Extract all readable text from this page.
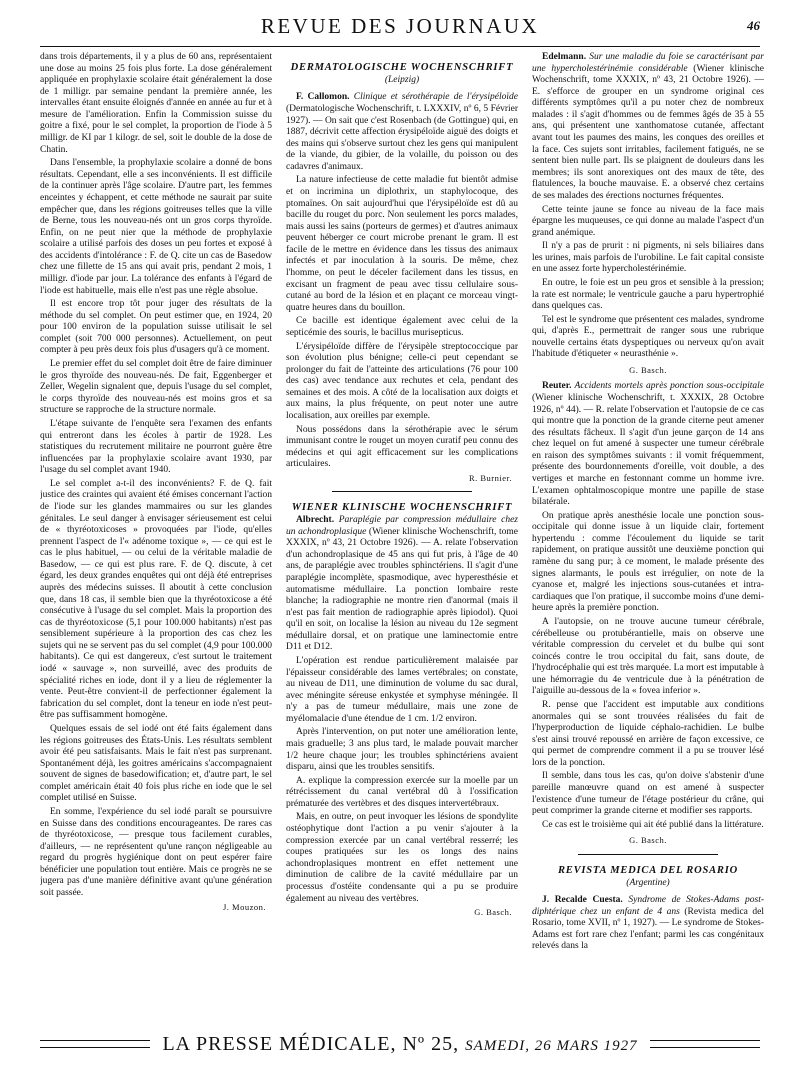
REVUE DES JOURNAUX	46

dans trois départements, il y a plus de 60 ans, représentaient une dose au moins 25 fois plus forte. La dose généralement appliquée en prophylaxie scolaire était généralement la dose de 1 milligr. par semaine pendant la première année, les intervalles étant ensuite éloignés d'année en année au fur et à mesure de l'amélioration. Enfin la Commission suisse du goitre a fixé, pour le sel complet, la proportion de l'iode à 5 milligr. de KI par 1 kilogr. de sel, soit le double de la dose de Chatin.

Dans l'ensemble, la prophylaxie scolaire a donné de bons résultats. Cependant, elle a ses inconvénients. Il est difficile de la continuer après l'âge scolaire. D'autre part, les femmes enceintes y échappent, et cette méthode ne saurait par suite empêcher que, dans les régions goitreuses telles que la ville de Berne, tous les nouveau-nés ont un gros corps thyroïde. Enfin, on ne peut nier que la méthode de prophylaxie scolaire a utilisé parfois des doses un peu fortes et exposé à des accidents d'intolérance : F. de Q. cite un cas de Basedow chez une fillette de 15 ans qui avait pris, pendant 2 mois, 1 milligr. d'iode par jour. La tolérance des enfants à l'égard de l'iode est habituelle, mais elle n'est pas une règle absolue.

Il est encore trop tôt pour juger des résultats de la méthode du sel complet. On peut estimer que, en 1924, 20 pour 100 environ de la population suisse utilisait le sel complet (soit 700 000 personnes). Actuellement, on peut compter à peu près deux fois plus d'usagers qu'à ce moment.

Le premier effet du sel complet doit être de faire diminuer le gros thyroïde des nouveau-nés. De fait, Eggenberger et Zeller, Wegelin signalent que, depuis l'usage du sel complet, le corps thyroïde des nouveau-nés est moins gros et sa structure se rapproche de la structure normale.

L'étape suivante de l'enquête sera l'examen des enfants qui entreront dans les écoles à partir de 1928. Les statistiques du recrutement militaire ne pourront guère être influencées par la prophylaxie scolaire avant 1930, par l'usage du sel complet avant 1940.

Le sel complet a-t-il des inconvénients? F. de Q. fait justice des craintes qui avaient été émises concernant l'action de l'iode sur les glandes mammaires ou sur les glandes génitales. Le seul danger à envisager sérieusement est celui de « thyréotoxicoses » provoquées par l'iode, qu'elles prennent l'aspect de l'« adénome toxique », — ce qui est le cas le plus habituel, — ou celui de la véritable maladie de Basedow, — ce qui est plus rare. F. de Q. discute, à cet égard, les deux grandes enquêtes qui ont déjà été entreprises auprès des médecins suisses. Il aboutit à cette conclusion que, dans 18 cas, il semble bien que la thyréotoxicose a été consécutive à l'usage du sel complet. Mais la proportion des cas de thyréotoxicose (5,1 pour 100.000 habitants) n'est pas sensiblement supérieure à la proportion des cas chez les sujets qui ne se servent pas du sel complet (4,9 pour 100.000 habitants). Ce qui est dangereux, c'est surtout le traitement iodé « sauvage », non surveillé, avec des produits de spécialité riches en iode, dont il y a lieu de réglementer la vente. Peut-être convient-il de perfectionner également la fabrication du sel complet, dont la teneur en iode n'est peut-être pas suffisamment homogène.

Quelques essais de sel iodé ont été faits également dans les régions goitreuses des États-Unis. Les résultats semblent avoir été peu satisfaisants. Mais le fait n'est pas surprenant. Spontanément déjà, les goitres américains s'accompagnaient souvent de signes de basedowification; et, d'autre part, le sel complet américain était 40 fois plus riche en iode que le sel complet utilisé en Suisse.

En somme, l'expérience du sel iodé paraît se poursuivre en Suisse dans des conditions encourageantes. De rares cas de thyréotoxicose, — presque tous facilement curables, d'ailleurs, — ne représentent qu'une rançon négligeable au regard du progrès hygiénique dont on peut espérer faire bénéficier une population tout entière. Mais ce progrès ne se jugera pas d'une manière définitive avant qu'une génération soit passée.

J. Mouzon.
DERMATOLOGISCHE WOCHENSCHRIFT
(Leipzig)

F. Callomon. Clinique et sérothérapie de l'érysipéloïde (Dermatologische Wochenschrift, t. LXXXIV, nº 6, 5 Février 1927). — On sait que c'est Rosenbach (de Gottingue) qui, en 1887, décrivit cette affection érysipéloïde aiguë des doigts et des mains qui s'observe surtout chez les gens qui manipulent de la viande, du gibier, de la volaille, du poisson ou des cadavres d'animaux.

La nature infectieuse de cette maladie fut bientôt admise et on incrimina un diplothrix, un staphylocoque, des ptomaïnes. On sait aujourd'hui que l'érysipéloïde est dû au bacille du rouget du porc. Non seulement les porcs malades, mais aussi les sains (porteurs de germes) et d'autres animaux peuvent héberger ce court microbe prenant le gram. Il est facile de le mettre en évidence dans les tissus des animaux infectés et par inoculation à la souris. De même, chez l'homme, on peut le déceler facilement dans les tissus, en excisant un fragment de peau avec tissu cellulaire sous-cutané au bord de la lésion et en plaçant ce morceau vingt-quatre heures dans du bouillon.

Ce bacille est identique également avec celui de la septicémie des souris, le bacillus murisepticus.

L'érysipéloïde diffère de l'érysipèle streptococcique par son évolution plus bénigne; celle-ci peut cependant se prolonger du fait de l'atteinte des articulations (76 pour 100 des cas) avec tendance aux rechutes et cela, pendant des semaines et des mois. A côté de la localisation aux doigts et aux mains, la plus fréquente, on peut noter une autre localisation, aux oreilles par exemple.

Nous possédons dans la sérothérapie avec le sérum immunisant contre le rouget un moyen curatif peu connu des médecins et qui agit efficacement sur les complications articulaires.

R. Burnier.
WIENER KLINISCHE WOCHENSCHRIFT

Albrecht. Paraplégie par compression médullaire chez un achondroplasique (Wiener klinische Wochenschrift, tome XXXIX, nº 43, 21 Octobre 1926). — A. relate l'observation d'un achondroplasique de 45 ans qui fut pris, à l'âge de 40 ans, de paraplégie avec troubles sphinctériens. Il s'agit d'une paraplégie incomplète, spasmodique, avec hyperesthésie et automatisme médullaire. La ponction lombaire reste blanche; la radiographie ne montre rien d'anormal (mais il n'est pas fait mention de radiographie après lipiodol). Quoi qu'il en soit, on localise la lésion au niveau du 12e segment médullaire dorsal, et on pratique une laminectomie entre D11 et D12.

L'opération est rendue particulièrement malaisée par l'épaisseur considérable des lames vertébrales; on constate, au niveau de D11, une diminution de volume du sac dural, avec méningite séreuse enkystée et symphyse méningée. Il n'y a pas de tumeur médullaire, mais une zone de myélomalacie d'une étendue de 1 cm. 1/2 environ.

Après l'intervention, on put noter une amélioration lente, mais graduelle; 3 ans plus tard, le malade pouvait marcher 1/2 heure chaque jour; les troubles sphinctériens avaient disparu, ainsi que les troubles sensitifs.

A. explique la compression exercée sur la moelle par un rétrécissement du canal vertébral dû à l'ossification prématurée des vertèbres et des disques intervertébraux.

Mais, en outre, on peut invoquer les lésions de spondylite ostéophytique dont l'action a pu venir s'ajouter à la compression exercée par un canal vertébral resserré; les coupes pratiquées sur les os longs des nains achondroplasiques montrent en effet nettement une diminution de calibre de la cavité médullaire par un processus d'ostéite condensante qui a pu se produire également au niveau des vertèbres.

G. Basch.

Edelmann. Sur une maladie du foie se caractérisant par une hypercholestérinémie considérable (Wiener klinische Wochenschrift, tome XXXIX, nº 43, 21 Octobre 1926). — E. s'efforce de grouper en un syndrome original ces différents symptômes qu'il a pu noter chez de nombreux malades : il s'agit d'hommes ou de femmes âgés de 35 à 55 ans, qui présentent une xanthomatose cutanée, affectant avant tout les paumes des mains, les conques des oreilles et la face. Ces sujets sont irritables, facilement fatigués, ne se sentent bien nulle part. Ils se plaignent de douleurs dans les membres; ils sont anorexiques ont des maux de tête, des flatulences, la bouche mauvaise. E. a observé chez certains de ses malades des érections nocturnes fréquentes.

Cette teinte jaune se fonce au niveau de la face mais épargne les muqueuses, ce qui donne au malade l'aspect d'un grand anémique.

Il n'y a pas de prurit : ni pigments, ni sels biliaires dans les urines, mais parfois de l'urobiline. Le fait capital consiste en une assez forte hypercholestérinémie.

En outre, le foie est un peu gros et sensible à la pression; la rate est normale; le ventricule gauche a paru hypertrophié dans quelques cas.

Tel est le syndrome que présentent ces malades, syndrome qui, d'après E., permettrait de ranger sous une rubrique nouvelle certains états dyspeptiques ou nerveux qu'on avait l'habitude d'étiqueter « neurasthénie ».

G. Basch.

Reuter. Accidents mortels après ponction sous-occipitale (Wiener klinische Wochenschrift, t. XXXIX, 28 Octobre 1926, nº 44). — R. relate l'observation et l'autopsie de ce cas qui montre que la ponction de la grande citerne peut amener des résultats fâcheux. Il s'agit d'un jeune garçon de 14 ans chez lequel on fut amené à suspecter une tumeur cérébrale en raison des symptômes suivants : il vomit fréquemment, présente des bourdonnements d'oreille, voit double, a des vertiges et marche en festonnant comme un homme ivre. L'examen ophtalmoscopique montre une papille de stase bilatérale.

On pratique après anesthésie locale une ponction sous-occipitale qui donne issue à un liquide clair, fortement hypertendu : comme l'écoulement du liquide se tarit rapidement, on pratique aussitôt une deuxième ponction qui ramène du sang pur; à ce moment, le malade présente des signes alarmants, le pouls est irrégulier, on note de la cyanose et, malgré les injections sous-cutanées et intra-cardiaques que l'on pratique, il succombe moins d'une demi-heure après la première ponction.

A l'autopsie, on ne trouve aucune tumeur cérébrale, cérébelleuse ou protubérantielle, mais on observe une véritable compression du cervelet et du bulbe qui sont coincés contre le trou occipital du fait, sans doute, de l'hydrocéphalie qui est très marquée. La mort est imputable à une hémorragie du 4e ventricule due à la pénétration de l'aiguille au-dessous de la « fovea inferior ».

R. pense que l'accident est imputable aux conditions anormales qui se sont trouvées réalisées du fait de l'hyperproduction de liquide céphalo-rachidien. Le bulbe s'est ainsi trouvé repoussé en arrière de façon excessive, ce qui permet de comprendre comment il a pu se trouver lésé lors de la ponction.

Il semble, dans tous les cas, qu'on doive s'abstenir d'une pareille manœuvre quand on est amené à suspecter l'existence d'une tumeur de l'étage postérieur du crâne, qui peut comprimer la grande citerne et modifier ses rapports.

Ce cas est le troisième qui ait été publié dans la littérature.

G. Basch.
REVISTA MEDICA DEL ROSARIO
(Argentine)

J. Recalde Cuesta. Syndrome de Stokes-Adams post-diphtérique chez un enfant de 4 ans (Revista medica del Rosario, tome XVII, nº 1, 1927). — Le syndrome de Stokes-Adams est fort rare chez l'enfant; parmi les cas congénitaux relevés dans la

LA PRESSE MÉDICALE, Nº 25, SAMEDI, 26 MARS 1927
